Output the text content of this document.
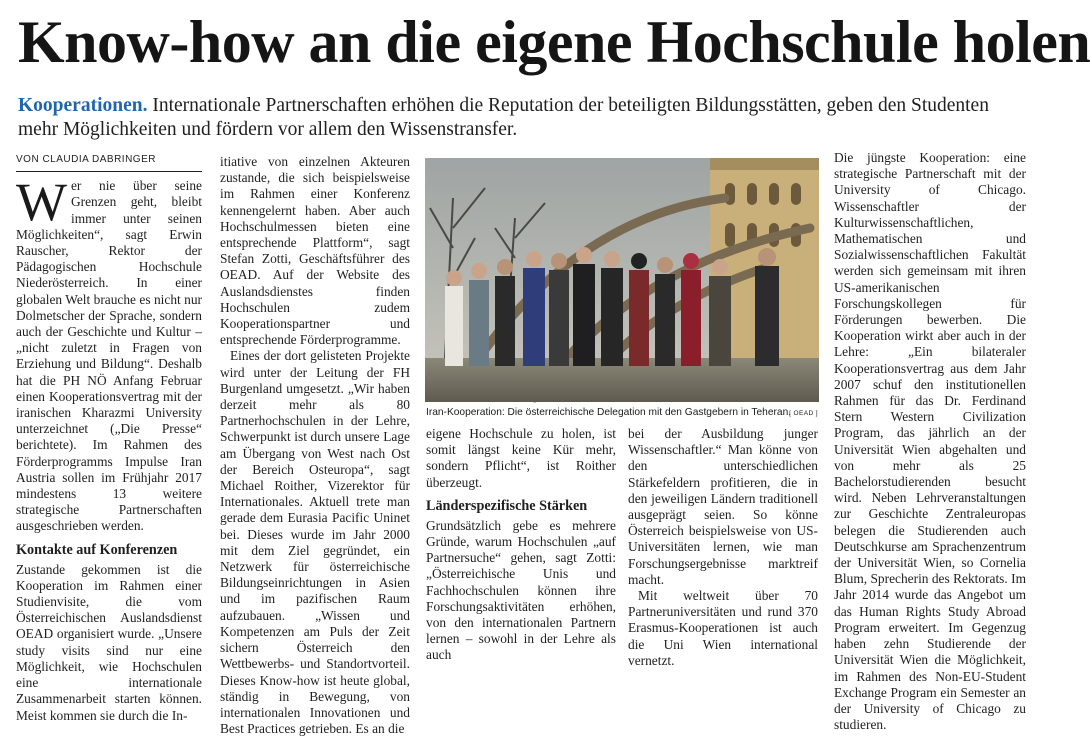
Know-how an die eigene Hochschule holen
Kooperationen. Internationale Partnerschaften erhöhen die Reputation der beteiligten Bildungsstätten, geben den Studenten mehr Möglichkeiten und fördern vor allem den Wissenstransfer.
VON CLAUDIA DABRINGER

Wer nie über seine Grenzen geht, bleibt immer unter seinen Möglichkeiten“, sagt Erwin Rauscher, Rektor der Pädagogischen Hochschule Niederösterreich. In einer globalen Welt brauche es nicht nur Dolmetscher der Sprache, sondern auch der Geschichte und Kultur – „nicht zuletzt in Fragen von Erziehung und Bildung“. Deshalb hat die PH NÖ Anfang Februar einen Kooperationsvertrag mit der iranischen Kharazmi University unterzeichnet („Die Presse“ berichtete). Im Rahmen des Förderprogramms Impulse Iran Austria sollen im Frühjahr 2017 mindestens 13 weitere strategische Partnerschaften ausgeschrieben werden.

Kontakte auf Konferenzen

Zustande gekommen ist die Kooperation im Rahmen einer Studienvisite, die vom Österreichischen Auslandsdienst OEAD organisiert wurde. „Unsere study visits sind nur eine Möglichkeit, wie Hochschulen eine internationale Zusammenarbeit starten können. Meist kommen sie durch die In-

itiative von einzelnen Akteuren zustande, die sich beispielsweise im Rahmen einer Konferenz kennengelernt haben. Aber auch Hochschulmessen bieten eine entsprechende Plattform“, sagt Stefan Zotti, Geschäftsführer des OEAD. Auf der Website des Auslandsdienstes finden Hochschulen zudem Kooperationspartner und entsprechende Förderprogramme.

Eines der dort gelisteten Projekte wird unter der Leitung der FH Burgenland umgesetzt. „Wir haben derzeit mehr als 80 Partnerhochschulen in der Lehre, Schwerpunkt ist durch unsere Lage am Übergang von West nach Ost der Bereich Osteuropa“, sagt Michael Roither, Vizerektor für Internationales. Aktuell trete man gerade dem Eurasia Pacific Uninet bei. Dieses wurde im Jahr 2000 mit dem Ziel gegründet, ein Netzwerk für österreichische Bildungseinrichtungen in Asien und im pazifischen Raum aufzubauen. „Wissen und Kompetenzen am Puls der Zeit sichern Österreich den Wettbewerbs- und Standortvorteil. Dieses Know-how ist heute global, ständig in Bewegung, von internationalen Innovationen und Best Practices getrieben. Es an die

Iran-Kooperation: Die österreichische Delegation mit den Gastgebern in Teheran.
[ OEAD ]

eigene Hochschule zu holen, ist somit längst keine Kür mehr, sondern Pflicht“, ist Roither überzeugt.

Länderspezifische Stärken

Grundsätzlich gebe es mehrere Gründe, warum Hochschulen „auf Partnersuche“ gehen, sagt Zotti: „Österreichische Unis und Fachhochschulen können ihre Forschungsaktivitäten erhöhen, von den internationalen Partnern lernen – sowohl in der Lehre als auch

bei der Ausbildung junger Wissenschaftler.“ Man könne von den unterschiedlichen Stärkefeldern profitieren, die in den jeweiligen Ländern traditionell ausgeprägt seien. So könne Österreich beispielsweise von US-Universitäten lernen, wie man Forschungsergebnisse marktreif macht.

Mit weltweit über 70 Partneruniversitäten und rund 370 Erasmus-Kooperationen ist auch die Uni Wien international vernetzt.

Die jüngste Kooperation: eine strategische Partnerschaft mit der University of Chicago. Wissenschaftler der Kulturwissenschaftlichen, Mathematischen und Sozialwissenschaftlichen Fakultät werden sich gemeinsam mit ihren US-amerikanischen Forschungskollegen für Förderungen bewerben. Die Kooperation wirkt aber auch in der Lehre: „Ein bilateraler Kooperationsvertrag aus dem Jahr 2007 schuf den institutionellen Rahmen für das Dr. Ferdinand Stern Western Civilization Program, das jährlich an der Universität Wien abgehalten und von mehr als 25 Bachelorstudierenden besucht wird. Neben Lehrveranstaltungen zur Geschichte Zentraleuropas belegen die Studierenden auch Deutschkurse am Sprachenzentrum der Universität Wien, so Cornelia Blum, Sprecherin des Rektorats. Im Jahr 2014 wurde das Angebot um das Human Rights Study Abroad Program erweitert. Im Gegenzug haben zehn Studierende der Universität Wien die Möglichkeit, im Rahmen des Non-EU-Student Exchange Program ein Semester an der University of Chicago zu studieren.
